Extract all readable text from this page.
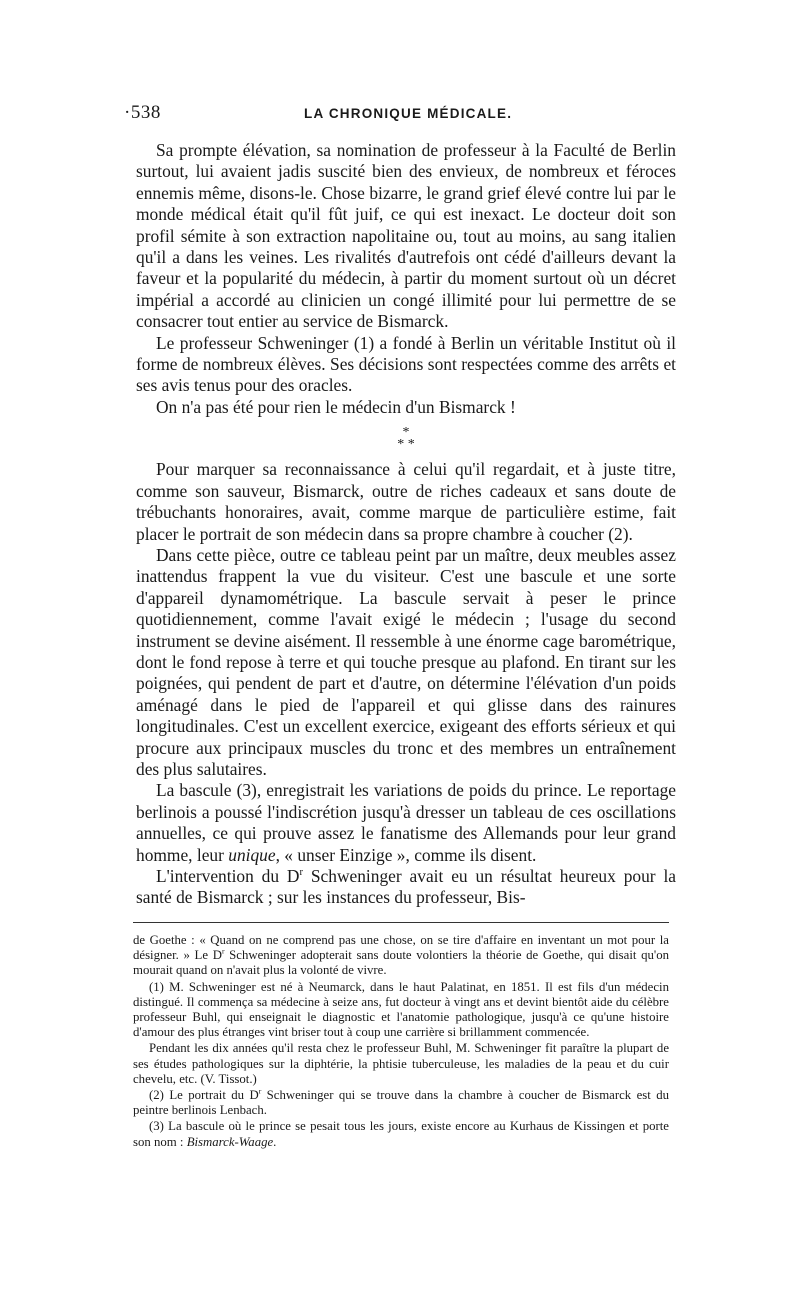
·538	LA CHRONIQUE MÉDICALE.

Sa prompte élévation, sa nomination de professeur à la Faculté de Berlin surtout, lui avaient jadis suscité bien des envieux, de nombreux et féroces ennemis même, disons-le. Chose bizarre, le grand grief élevé contre lui par le monde médical était qu'il fût juif, ce qui est inexact. Le docteur doit son profil sémite à son extraction napolitaine ou, tout au moins, au sang italien qu'il a dans les veines. Les rivalités d'autrefois ont cédé d'ailleurs devant la faveur et la popularité du médecin, à partir du moment surtout où un décret impérial a accordé au clinicien un congé illimité pour lui permettre de se consacrer tout entier au service de Bismarck.

Le professeur Schweninger (1) a fondé à Berlin un véritable Institut où il forme de nombreux élèves. Ses décisions sont respectées comme des arrêts et ses avis tenus pour des oracles.

On n'a pas été pour rien le médecin d'un Bismarck !

*
* *

Pour marquer sa reconnaissance à celui qu'il regardait, et à juste titre, comme son sauveur, Bismarck, outre de riches cadeaux et sans doute de trébuchants honoraires, avait, comme marque de particulière estime, fait placer le portrait de son médecin dans sa propre chambre à coucher (2).

Dans cette pièce, outre ce tableau peint par un maître, deux meubles assez inattendus frappent la vue du visiteur. C'est une bascule et une sorte d'appareil dynamométrique. La bascule servait à peser le prince quotidiennement, comme l'avait exigé le médecin ; l'usage du second instrument se devine aisément. Il ressemble à une énorme cage barométrique, dont le fond repose à terre et qui touche presque au plafond. En tirant sur les poignées, qui pendent de part et d'autre, on détermine l'élévation d'un poids aménagé dans le pied de l'appareil et qui glisse dans des rainures longitudinales. C'est un excellent exercice, exigeant des efforts sérieux et qui procure aux principaux muscles du tronc et des membres un entraînement des plus salutaires.

La bascule (3), enregistrait les variations de poids du prince. Le reportage berlinois a poussé l'indiscrétion jusqu'à dresser un tableau de ces oscillations annuelles, ce qui prouve assez le fanatisme des Allemands pour leur grand homme, leur unique, « unser Einzige », comme ils disent.

L'intervention du $D^r$ Schweninger avait eu un résultat heureux pour la santé de Bismarck ; sur les instances du professeur, Bis-

de Goethe : « Quand on ne comprend pas une chose, on se tire d'affaire en inventant un mot pour la désigner. » Le $D^r$ Schweninger adopterait sans doute volontiers la théorie de Goethe, qui disait qu'on mourait quand on n'avait plus la volonté de vivre.

(1) M. Schweninger est né à Neumarck, dans le haut Palatinat, en 1851. Il est fils d'un médecin distingué. Il commença sa médecine à seize ans, fut docteur à vingt ans et devint bientôt aide du célèbre professeur Buhl, qui enseignait le diagnostic et l'anatomie pathologique, jusqu'à ce qu'une histoire d'amour des plus étranges vint briser tout à coup une carrière si brillamment commencée.

Pendant les dix années qu'il resta chez le professeur Buhl, M. Schweninger fit paraître la plupart de ses études pathologiques sur la diphtérie, la phtisie tuberculeuse, les maladies de la peau et du cuir chevelu, etc. (V. Tissot.)

(2) Le portrait du $D^r$ Schweninger qui se trouve dans la chambre à coucher de Bismarck est du peintre berlinois Lenbach.

(3) La bascule où le prince se pesait tous les jours, existe encore au Kurhaus de Kissingen et porte son nom : Bismarck-Waage.
